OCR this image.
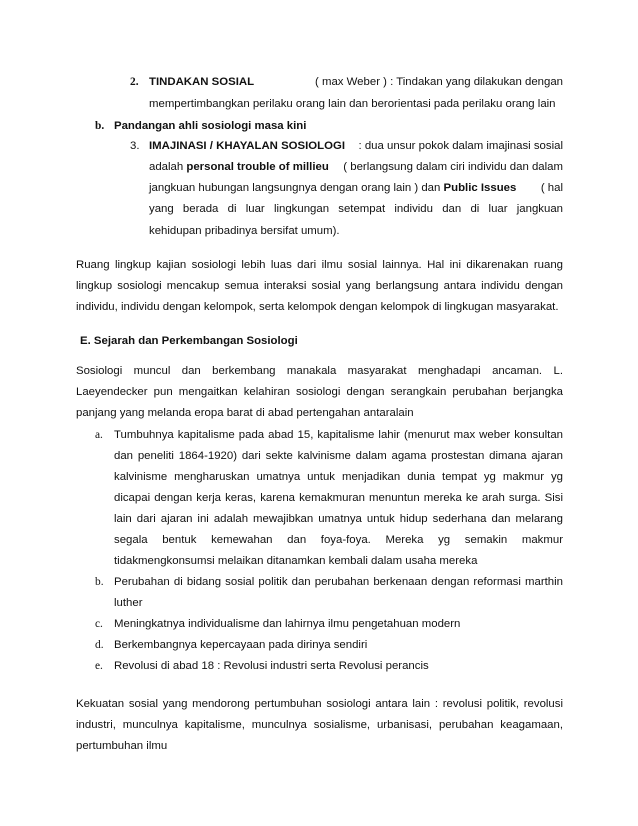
2. TINDAKAN SOSIAL	( max Weber ) : Tindakan yang dilakukan dengan
mempertimbangkan perilaku orang lain dan berorientasi pada perilaku orang lain
b. Pandangan ahli sosiologi masa kini
3. IMAJINASI / KHAYALAN SOSIOLOGI : dua unsur pokok dalam imajinasi sosial
adalah personal trouble of millieu ( berlangsung dalam ciri individu dan dalam
jangkuan hubungan langsungnya dengan orang lain ) dan Public Issues ( hal
yang berada di luar lingkungan setempat individu dan di luar jangkuan
kehidupan pribadinya bersifat umum).
Ruang lingkup kajian sosiologi lebih luas dari ilmu sosial lainnya. Hal ini dikarenakan ruang
lingkup sosiologi mencakup semua interaksi sosial yang berlangsung antara individu dengan
individu, individu dengan kelompok, serta kelompok dengan kelompok di lingkugan masyarakat.
E. Sejarah dan Perkembangan Sosiologi
Sosiologi muncul dan berkembang manakala masyarakat menghadapi ancaman. L.
Laeyendecker pun mengaitkan kelahiran sosiologi dengan serangkain perubahan berjangka
panjang yang melanda eropa barat di abad pertengahan antaralain
a. Tumbuhnya kapitalisme pada abad 15, kapitalisme lahir (menurut max weber konsultan
dan peneliti 1864-1920) dari sekte kalvinisme dalam agama prostestan dimana ajaran
kalvinisme mengharuskan umatnya untuk menjadikan dunia tempat yg makmur yg
dicapai dengan kerja keras, karena kemakmuran menuntun mereka ke arah surga. Sisi
lain dari ajaran ini adalah mewajibkan umatnya untuk hidup sederhana dan melarang
segala bentuk kemewahan dan foya-foya. Mereka yg semakin makmur
tidakmengkonsumsi melaikan ditanamkan kembali dalam usaha mereka
b. Perubahan di bidang sosial politik dan perubahan berkenaan dengan reformasi marthin
luther
c. Meningkatnya individualisme dan lahirnya ilmu pengetahuan modern
d. Berkembangnya kepercayaan pada dirinya sendiri
e. Revolusi di abad 18 : Revolusi industri serta Revolusi perancis
Kekuatan sosial yang mendorong pertumbuhan sosiologi antara lain : revolusi politik, revolusi
industri, munculnya kapitalisme, munculnya sosialisme, urbanisasi, perubahan keagamaan,
pertumbuhan ilmu
